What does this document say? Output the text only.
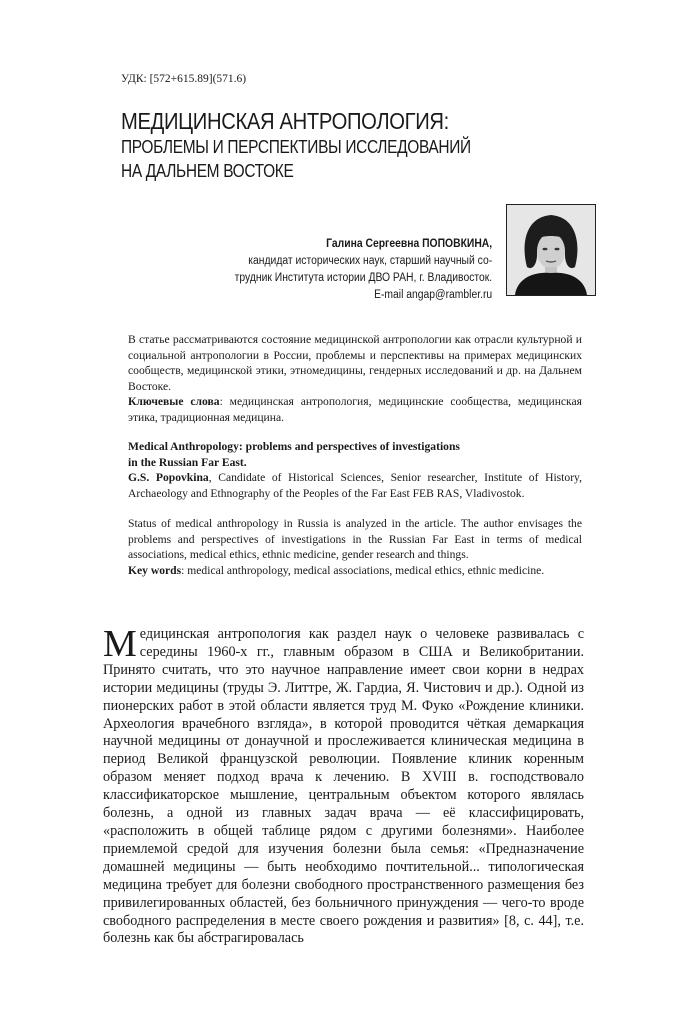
УДК: [572+615.89](571.6)
МЕДИЦИНСКАЯ АНТРОПОЛОГИЯ:
ПРОБЛЕМЫ И ПЕРСПЕКТИВЫ ИССЛЕДОВАНИЙ
НА ДАЛЬНЕМ ВОСТОКЕ
Галина Сергеевна ПОПОВКИНА,
кандидат исторических наук, старший научный со-
трудник Института истории ДВО РАН, г. Владивосток.
E-mail angap@rambler.ru

В статье рассматриваются состояние медицинской антропологии как отрасли культурной и социальной антропологии в России, проблемы и перспективы на примерах медицинских сообществ, медицинской этики, этномедицины, гендерных исследований и др. на Дальнем Востоке.

Ключевые слова: медицинская антропология, медицинские сообщества, медицинская этика, традиционная медицина.

Medical Anthropology: problems and perspectives of investigations

in the Russian Far East.

G.S. Popovkina, Candidate of Historical Sciences, Senior researcher, Institute of History, Archaeology and Ethnography of the Peoples of the Far East FEB RAS, Vladivostok.

Status of medical anthropology in Russia is analyzed in the article. The author envisages the problems and perspectives of investigations in the Russian Far East in terms of medical associations, medical ethics, ethnic medicine, gender research and things.

Key words: medical anthropology, medical associations, medical ethics, ethnic medicine.

Медицинская антропология как раздел наук о человеке развивалась с середины 1960-х гг., главным образом в США и Великобритании. Принято считать, что это научное направление имеет свои корни в недрах истории медицины (труды Э. Литтре, Ж. Гардиа, Я. Чистович и др.). Одной из пионерских работ в этой области является труд М. Фуко «Рождение клиники. Археология врачебного взгляда», в которой проводится чёткая демаркация научной медицины от донаучной и прослеживается клиническая медицина в период Великой французской революции. Появление клиник коренным образом меняет подход врача к лечению. В XVIII в. господствовало классификаторское мышление, центральным объектом которого являлась болезнь, а одной из главных задач врача — её классифицировать, «расположить в общей таблице рядом с другими болезнями». Наиболее приемлемой средой для изучения болезни была семья: «Предназначение домашней медицины — быть необходимо почтительной... типологическая медицина требует для болезни свободного пространственного размещения без привилегированных областей, без больничного принуждения — чего-то вроде свободного распределения в месте своего рождения и развития» [8, с. 44], т.е. болезнь как бы абстрагировалась
